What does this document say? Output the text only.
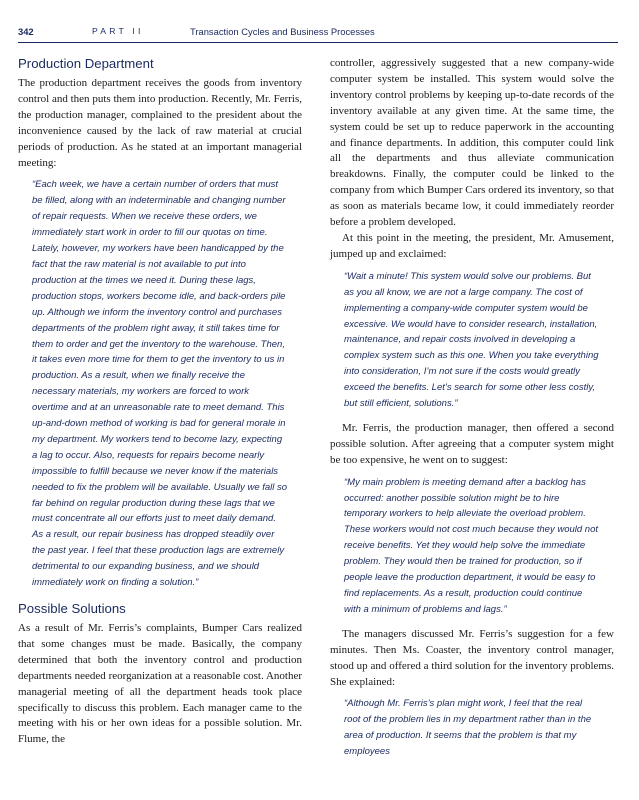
342	PART II	Transaction Cycles and Business Processes
Production Department

The production department receives the goods from inventory control and then puts them into production. Recently, Mr. Ferris, the production manager, complained to the president about the inconvenience caused by the lack of raw material at crucial periods of production. As he stated at an important managerial meeting:

“Each week, we have a certain number of orders that must be filled, along with an indeterminable and changing number of repair requests. When we receive these orders, we immediately start work in order to fill our quotas on time. Lately, however, my workers have been handicapped by the fact that the raw material is not available to put into production at the times we need it. During these lags, production stops, workers become idle, and back-orders pile up. Although we inform the inventory control and purchases departments of the problem right away, it still takes time for them to order and get the inventory to the warehouse. Then, it takes even more time for them to get the inventory to us in production. As a result, when we finally receive the necessary materials, my workers are forced to work overtime and at an unreasonable rate to meet demand. This up-and-down method of working is bad for general morale in my department. My workers tend to become lazy, expecting a lag to occur. Also, requests for repairs become nearly impossible to fulfill because we never know if the materials needed to fix the problem will be available. Usually we fall so far behind on regular production during these lags that we must concentrate all our efforts just to meet daily demand. As a result, our repair business has dropped steadily over the past year. I feel that these production lags are extremely detrimental to our expanding business, and we should immediately work on finding a solution.”
Possible Solutions

As a result of Mr. Ferris’s complaints, Bumper Cars realized that some changes must be made. Basically, the company determined that both the inventory control and production departments needed reorganization at a reasonable cost. Another managerial meeting of all the department heads took place specifically to discuss this problem. Each manager came to the meeting with his or her own ideas for a possible solution. Mr. Flume, the

controller, aggressively suggested that a new company-wide computer system be installed. This system would solve the inventory control problems by keeping up-to-date records of the inventory available at any given time. At the same time, the system could be set up to reduce paperwork in the accounting and finance departments. In addition, this computer could link all the departments and thus alleviate communication breakdowns. Finally, the computer could be linked to the company from which Bumper Cars ordered its inventory, so that as soon as materials became low, it could immediately reorder before a problem developed.

At this point in the meeting, the president, Mr. Amusement, jumped up and exclaimed:

“Wait a minute! This system would solve our problems. But as you all know, we are not a large company. The cost of implementing a company-wide computer system would be excessive. We would have to consider research, installation, maintenance, and repair costs involved in developing a complex system such as this one. When you take everything into consideration, I’m not sure if the costs would greatly exceed the benefits. Let’s search for some other less costly, but still efficient, solutions.”

Mr. Ferris, the production manager, then offered a second possible solution. After agreeing that a computer system might be too expensive, he went on to suggest:

“My main problem is meeting demand after a backlog has occurred: another possible solution might be to hire temporary workers to help alleviate the overload problem. These workers would not cost much because they would not receive benefits. Yet they would help solve the immediate problem. They would then be trained for production, so if people leave the production department, it would be easy to find replacements. As a result, production could continue with a minimum of problems and lags.”

The managers discussed Mr. Ferris’s suggestion for a few minutes. Then Ms. Coaster, the inventory control manager, stood up and offered a third solution for the inventory problems. She explained:

“Although Mr. Ferris’s plan might work, I feel that the real root of the problem lies in my department rather than in the area of production. It seems that the problem is that my employees
